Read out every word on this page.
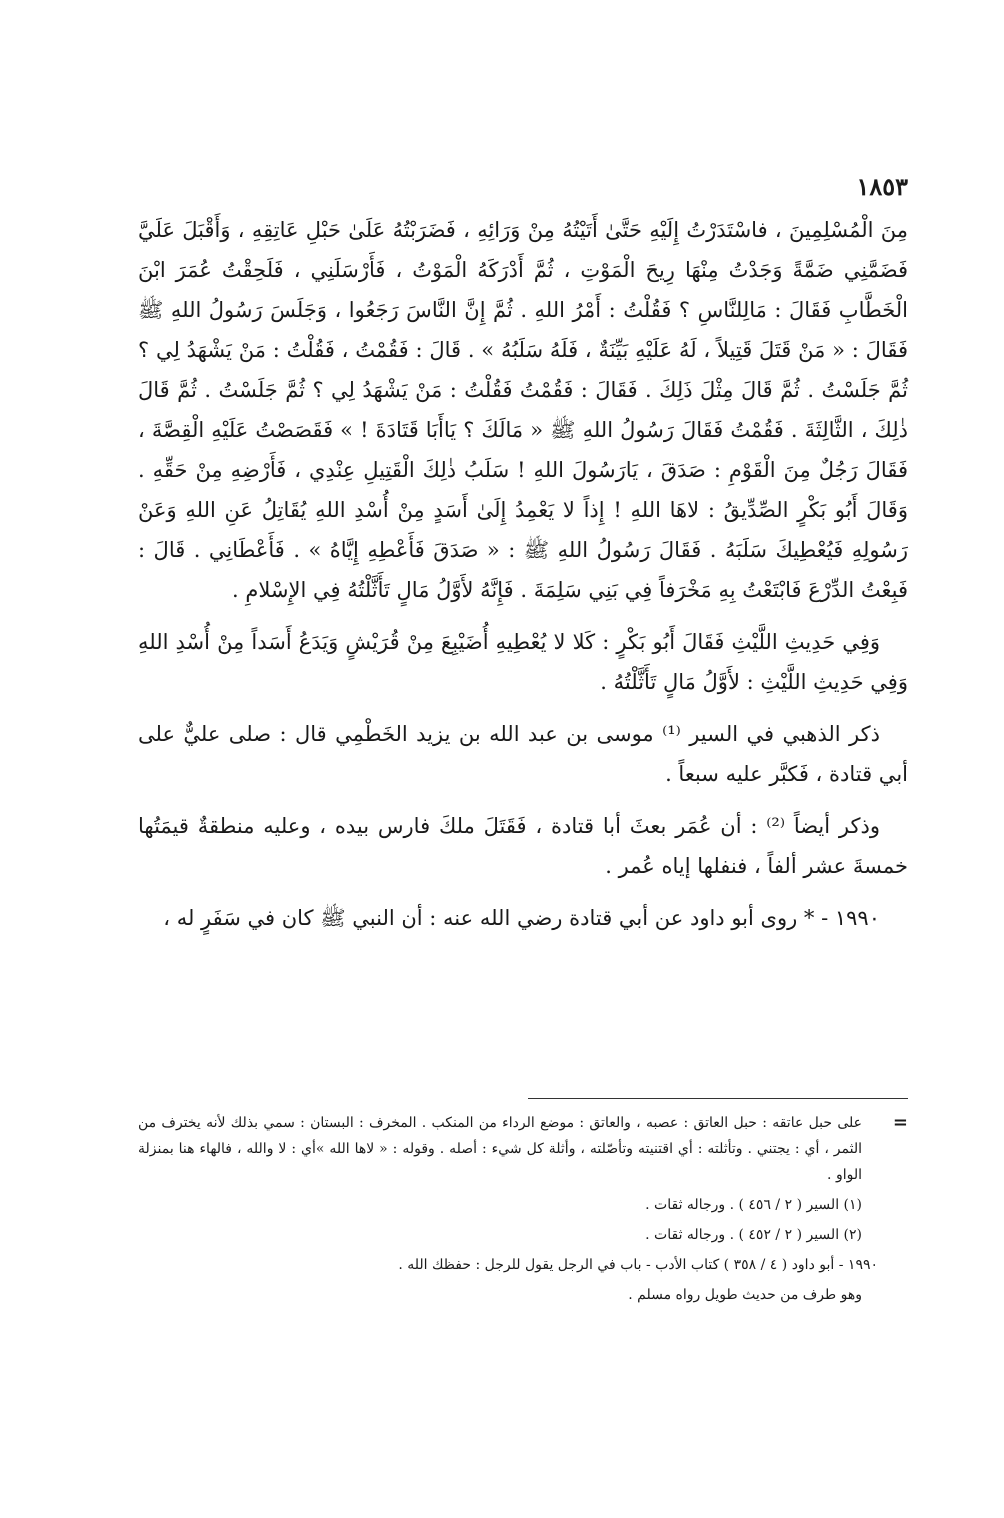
١٨٥٣

مِنَ الْمُسْلِمِينَ ، فاسْتَدَرْتُ إِلَيْهِ حَتَّىٰ أَتَيْتُهُ مِنْ وَرَائِهِ ، فَضَرَبْتُهُ عَلَىٰ حَبْلِ عَاتِقِهِ ، وَأَقْبَلَ عَلَيَّ فَضَمَّنِي ضَمَّةً وَجَدْتُ مِنْهَا رِيحَ الْمَوْتِ ، ثُمَّ أَدْرَكَهُ الْمَوْتُ ، فَأَرْسَلَنِي ، فَلَحِقْتُ عُمَرَ ابْنَ الْخَطَّابِ فَقَالَ : مَالِلنَّاسِ ؟ فَقُلْتُ : أَمْرُ اللهِ . ثُمَّ إِنَّ النَّاسَ رَجَعُوا ، وَجَلَسَ رَسُولُ اللهِ ﷺ فَقَالَ : « مَنْ قَتَلَ قَتِيلاً ، لَهُ عَلَيْهِ بَيِّنَةٌ ، فَلَهُ سَلَبُهُ » . قَالَ : فَقُمْتُ ، فَقُلْتُ : مَنْ يَشْهَدُ لِي ؟ ثُمَّ جَلَسْتُ . ثُمَّ قَالَ مِثْلَ ذَلِكَ . فَقَالَ : فَقُمْتُ فَقُلْتُ : مَنْ يَشْهَدُ لِي ؟ ثُمَّ جَلَسْتُ . ثُمَّ قَالَ ذٰلِكَ ، الثَّالِثَةَ . فَقُمْتُ فَقَالَ رَسُولُ اللهِ ﷺ « مَالَكَ ؟ يَاأَبَا قَتَادَةَ ! » فَقَصَصْتُ عَلَيْهِ الْقِصَّةَ ، فَقَالَ رَجُلٌ مِنَ الْقَوْمِ : صَدَقَ ، يَارَسُولَ اللهِ ! سَلَبُ ذٰلِكَ الْقَتِيلِ عِنْدِي ، فَأَرْضِهِ مِنْ حَقِّهِ . وَقَالَ أَبُو بَكْرٍ الصِّدِّيقُ : لاهَا اللهِ ! إِذاً لا يَعْمِدُ إِلَىٰ أَسَدٍ مِنْ أُسْدِ اللهِ يُقَاتِلُ عَنِ اللهِ وَعَنْ رَسُولِهِ فَيُعْطِيكَ سَلَبَهُ . فَقَالَ رَسُولُ اللهِ ﷺ : « صَدَقَ فَأَعْطِهِ إِيَّاهُ » . فَأَعْطَانِي . قَالَ : فَبِعْتُ الدِّرْعَ فَابْتَعْتُ بِهِ مَخْرَفاً فِي بَنِي سَلِمَةَ . فَإِنَّهُ لأَوَّلُ مَالٍ تَأَثَّلْتُهُ فِي الإِسْلامِ .

وَفِي حَدِيثِ اللَّيْثِ فَقَالَ أَبُو بَكْرٍ : كَلا لا يُعْطِيهِ أُضَيْبِعَ مِنْ قُرَيْشٍ وَيَدَعُ أَسَداً مِنْ أُسْدِ اللهِ وَفِي حَدِيثِ اللَّيْثِ : لأَوَّلُ مَالٍ تَأَثَّلْتُهُ .

ذكر الذهبي في السير ⁽¹⁾ موسى بن عبد الله بن يزيد الخَطْمِي قال : صلى عليٌّ على أبي قتادة ، فَكبَّر عليه سبعاً .

وذكر أيضاً ⁽²⁾ : أن عُمَر بعثَ أبا قتادة ، فَقَتَلَ ملكَ فارس بيده ، وعليه منطقةٌ قيمَتُها خمسةَ عشر ألفاً ، فنفلها إياه عُمر .

١٩٩٠ - * روى أبو داود عن أبي قتادة رضي الله عنه : أن النبي ﷺ كان في سَفَرٍ له ،

=
على حبل عاتقه : حبل العاتق : عصبه ، والعاتق : موضع الرداء من المنكب . المخرف : البستان : سمي بذلك لأنه يخترف من الثمر ، أي : يجتني . وتأثلته : أي اقتنيته وتأصّلته ، وأثلة كل شيء : أصله . وقوله : « لاها الله »أي : لا والله ، فالهاء هنا بمنزلة الواو .

(١) السير ( ٢ / ٤٥٦ ) . ورجاله ثقات .

(٢) السير ( ٢ / ٤٥٢ ) . ورجاله ثقات .

١٩٩٠ - أبو داود ( ٤ / ٣٥٨ ) كتاب الأدب - باب في الرجل يقول للرجل : حفظك الله .

وهو طرف من حديث طويل رواه مسلم .
